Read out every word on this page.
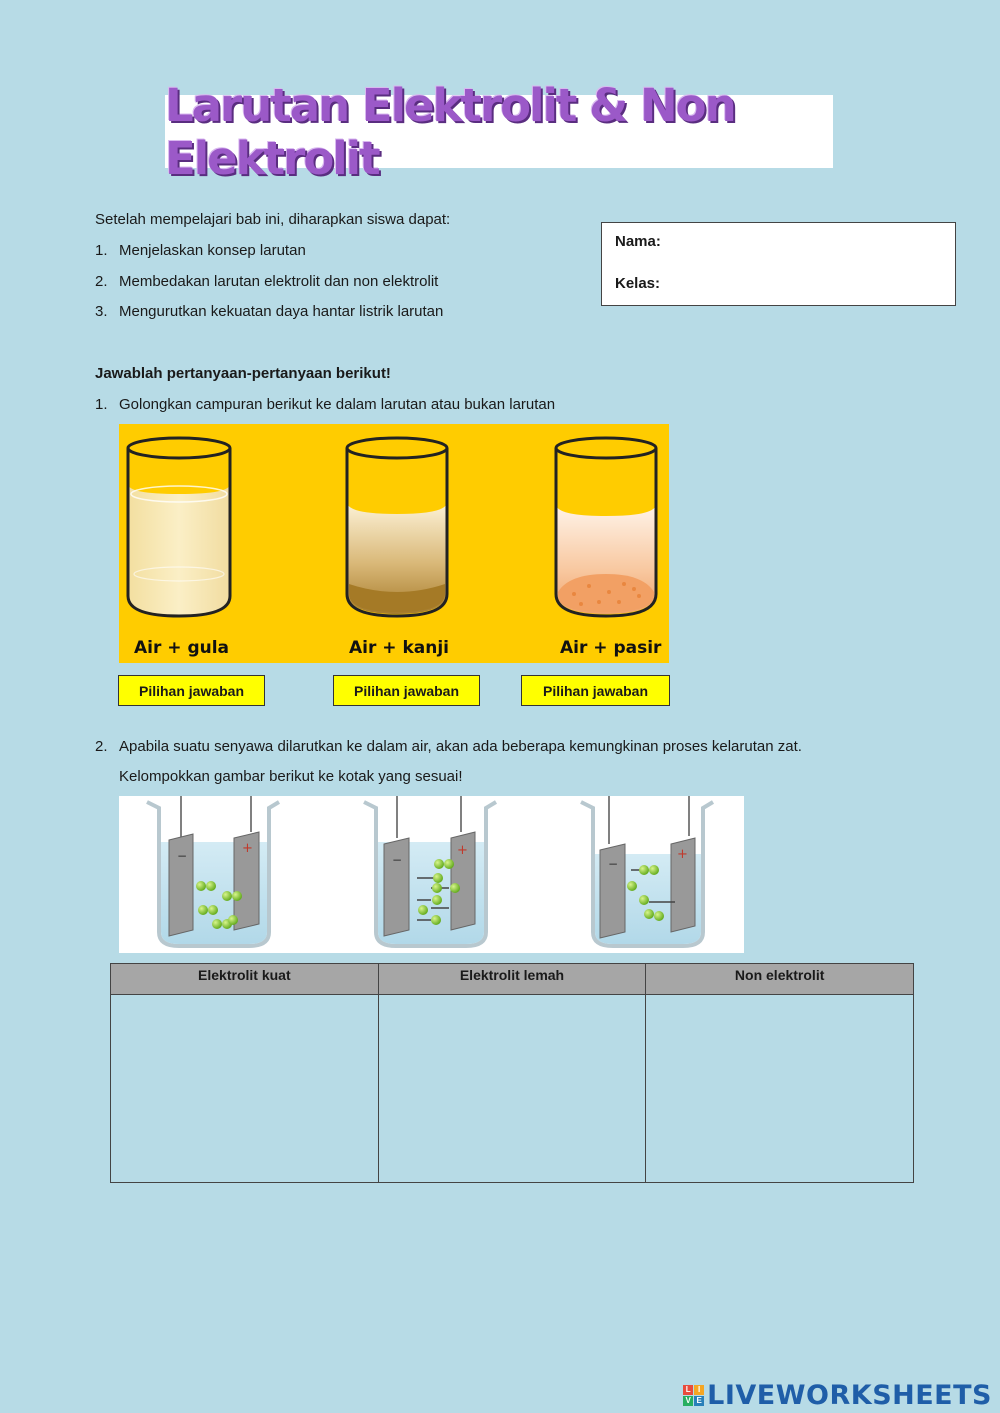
Larutan Elektrolit & Non Elektrolit
Setelah mempelajari bab ini, diharapkan siswa dapat:
1. Menjelaskan konsep larutan
2. Membedakan larutan elektrolit dan non elektrolit
3. Mengurutkan kekuatan daya hantar listrik larutan
Nama:
Kelas:
Jawablah pertanyaan-pertanyaan berikut!
1. Golongkan campuran berikut ke dalam larutan atau bukan larutan
Air + gula	Air + kanji	Air + pasir
Pilihan jawaban	Pilihan jawaban	Pilihan jawaban
2. Apabila suatu senyawa dilarutkan ke dalam air, akan ada beberapa kemungkinan proses kelarutan zat.
Kelompokkan gambar berikut ke kotak yang sesuai!
−	+
−
+
−
+
Elektrolit kuat	Elektrolit lemah	Non elektrolit

L I
V E LIVEWORKSHEETS
